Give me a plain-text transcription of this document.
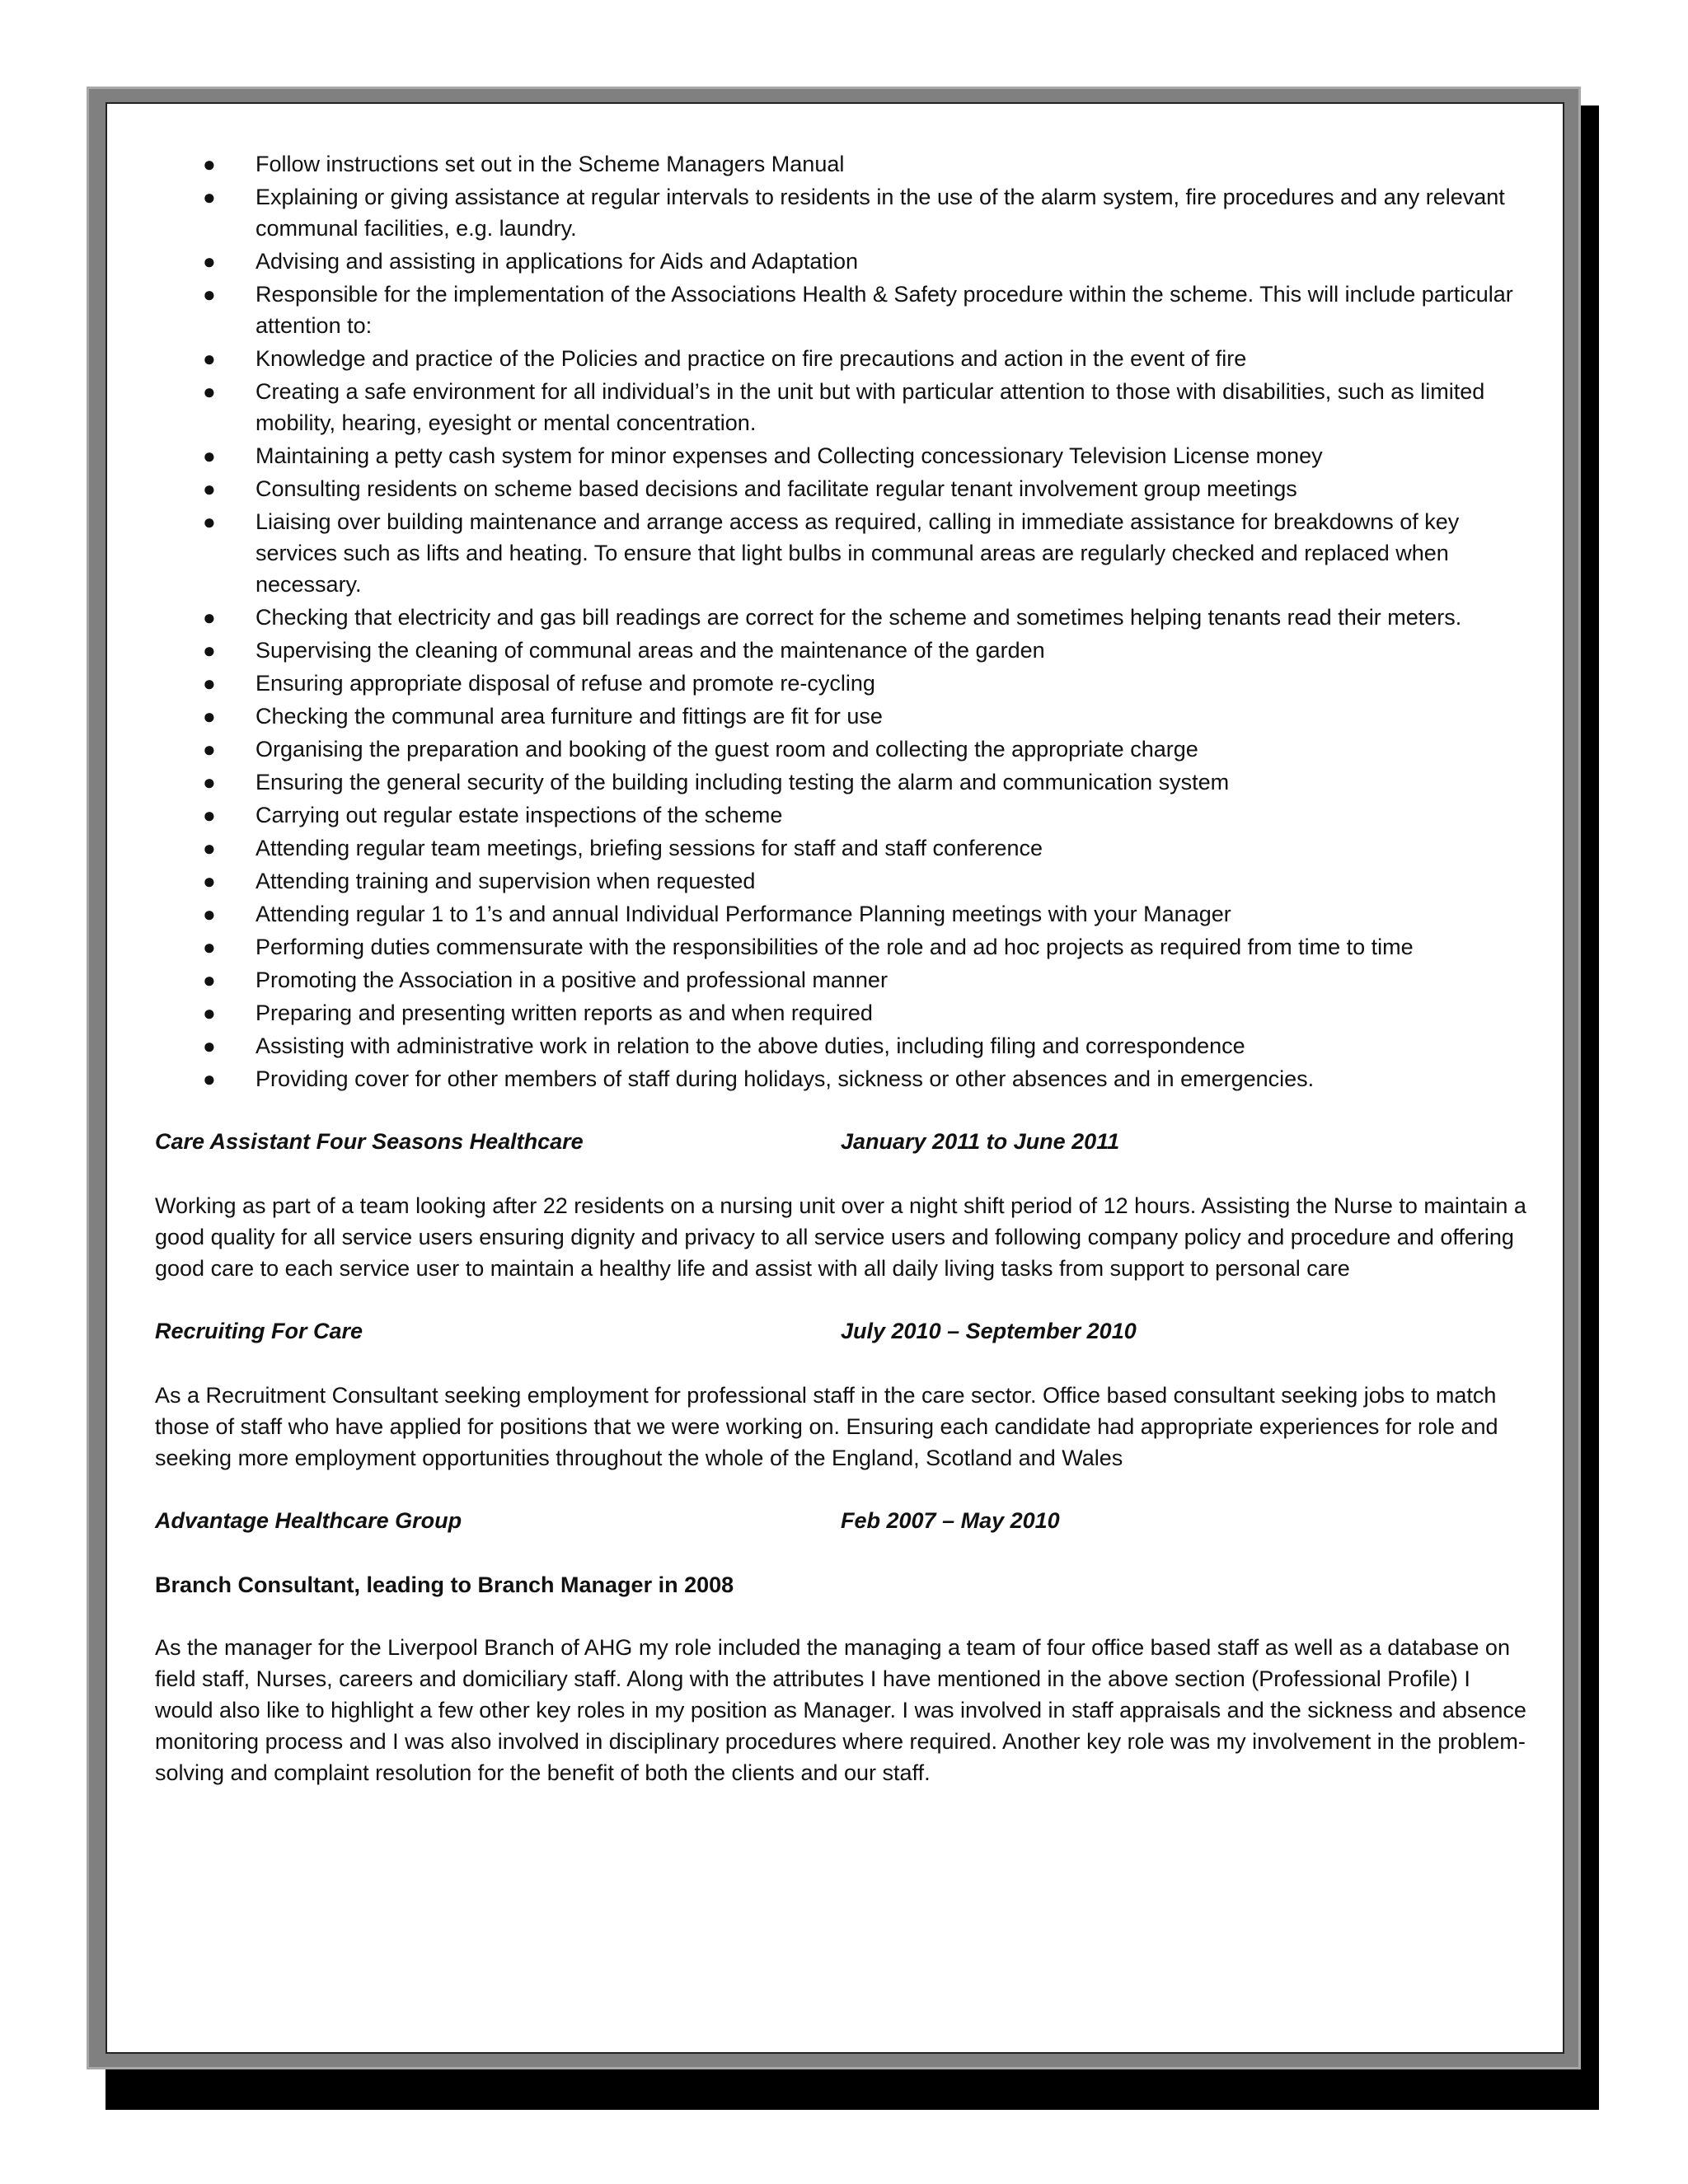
● Follow instructions set out in the Scheme Managers Manual
● Explaining or giving assistance at regular intervals to residents in the use of the alarm system, fire procedures and any relevant communal facilities, e.g. laundry.
● Advising and assisting in applications for Aids and Adaptation
● Responsible for the implementation of the Associations Health & Safety procedure within the scheme. This will include particular attention to:
● Knowledge and practice of the Policies and practice on fire precautions and action in the event of fire
● Creating a safe environment for all individual’s in the unit but with particular attention to those with disabilities, such as limited mobility, hearing, eyesight or mental concentration.
● Maintaining a petty cash system for minor expenses and Collecting concessionary Television License money
● Consulting residents on scheme based decisions and facilitate regular tenant involvement group meetings
● Liaising over building maintenance and arrange access as required, calling in immediate assistance for breakdowns of key services such as lifts and heating. To ensure that light bulbs in communal areas are regularly checked and replaced when necessary.
● Checking that electricity and gas bill readings are correct for the scheme and sometimes helping tenants read their meters.
● Supervising the cleaning of communal areas and the maintenance of the garden
● Ensuring appropriate disposal of refuse and promote re-cycling
● Checking the communal area furniture and fittings are fit for use
● Organising the preparation and booking of the guest room and collecting the appropriate charge
● Ensuring the general security of the building including testing the alarm and communication system
● Carrying out regular estate inspections of the scheme
● Attending regular team meetings, briefing sessions for staff and staff conference
● Attending training and supervision when requested
● Attending regular 1 to 1’s and annual Individual Performance Planning meetings with your Manager
● Performing duties commensurate with the responsibilities of the role and ad hoc projects as required from time to time
● Promoting the Association in a positive and professional manner
● Preparing and presenting written reports as and when required
● Assisting with administrative work in relation to the above duties, including filing and correspondence
● Providing cover for other members of staff during holidays, sickness or other absences and in emergencies.
Care Assistant Four Seasons Healthcare	January 2011 to June 2011

Working as part of a team looking after 22 residents on a nursing unit over a night shift period of 12 hours. Assisting the Nurse to maintain a good quality for all service users ensuring dignity and privacy to all service users and following company policy and procedure and offering good care to each service user to maintain a healthy life and assist with all daily living tasks from support to personal care

Recruiting For Care	July 2010 – September 2010

As a Recruitment Consultant seeking employment for professional staff in the care sector. Office based consultant seeking jobs to match those of staff who have applied for positions that we were working on. Ensuring each candidate had appropriate experiences for role and seeking more employment opportunities throughout the whole of the England, Scotland and Wales

Advantage Healthcare Group	Feb 2007 – May 2010
Branch Consultant, leading to Branch Manager in 2008

As the manager for the Liverpool Branch of AHG my role included the managing a team of four office based staff as well as a database on field staff, Nurses, careers and domiciliary staff. Along with the attributes I have mentioned in the above section (Professional Profile) I would also like to highlight a few other key roles in my position as Manager. I was involved in staff appraisals and the sickness and absence monitoring process and I was also involved in disciplinary procedures where required. Another key role was my involvement in the problem-solving and complaint resolution for the benefit of both the clients and our staff.
